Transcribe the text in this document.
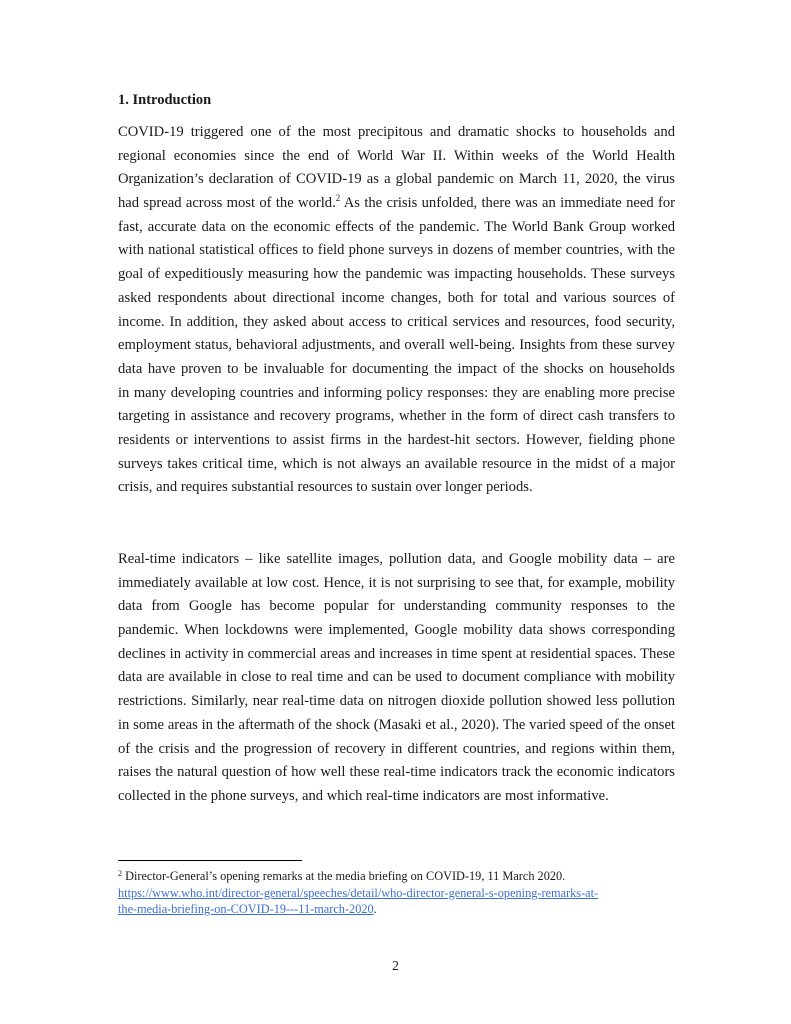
1. Introduction
COVID-19 triggered one of the most precipitous and dramatic shocks to households and
regional economies since the end of World War II. Within weeks of the World Health
Organization’s declaration of COVID-19 as a global pandemic on March 11, 2020, the virus
had spread across most of the world.$^2$ As the crisis unfolded, there was an immediate need for
fast, accurate data on the economic effects of the pandemic. The World Bank Group worked
with national statistical offices to field phone surveys in dozens of member countries, with the
goal of expeditiously measuring how the pandemic was impacting households. These surveys
asked respondents about directional income changes, both for total and various sources of
income. In addition, they asked about access to critical services and resources, food security,
employment status, behavioral adjustments, and overall well-being. Insights from these survey
data have proven to be invaluable for documenting the impact of the shocks on households
in many developing countries and informing policy responses: they are enabling more precise
targeting in assistance and recovery programs, whether in the form of direct cash transfers to
residents or interventions to assist firms in the hardest-hit sectors. However, fielding phone
surveys takes critical time, which is not always an available resource in the midst of a major
crisis, and requires substantial resources to sustain over longer periods.
Real-time indicators – like satellite images, pollution data, and Google mobility data – are
immediately available at low cost. Hence, it is not surprising to see that, for example, mobility
data from Google has become popular for understanding community responses to the
pandemic. When lockdowns were implemented, Google mobility data shows corresponding
declines in activity in commercial areas and increases in time spent at residential spaces. These
data are available in close to real time and can be used to document compliance with mobility
restrictions. Similarly, near real-time data on nitrogen dioxide pollution showed less pollution
in some areas in the aftermath of the shock (Masaki et al., 2020). The varied speed of the onset
of the crisis and the progression of recovery in different countries, and regions within them,
raises the natural question of how well these real-time indicators track the economic indicators
collected in the phone surveys, and which real-time indicators are most informative.
$^2$ Director-General’s opening remarks at the media briefing on COVID-19, 11 March 2020.
https://www.who.int/director-general/speeches/detail/who-director-general-s-opening-remarks-at-
the-media-briefing-on-COVID-19---11-march-2020.
2
